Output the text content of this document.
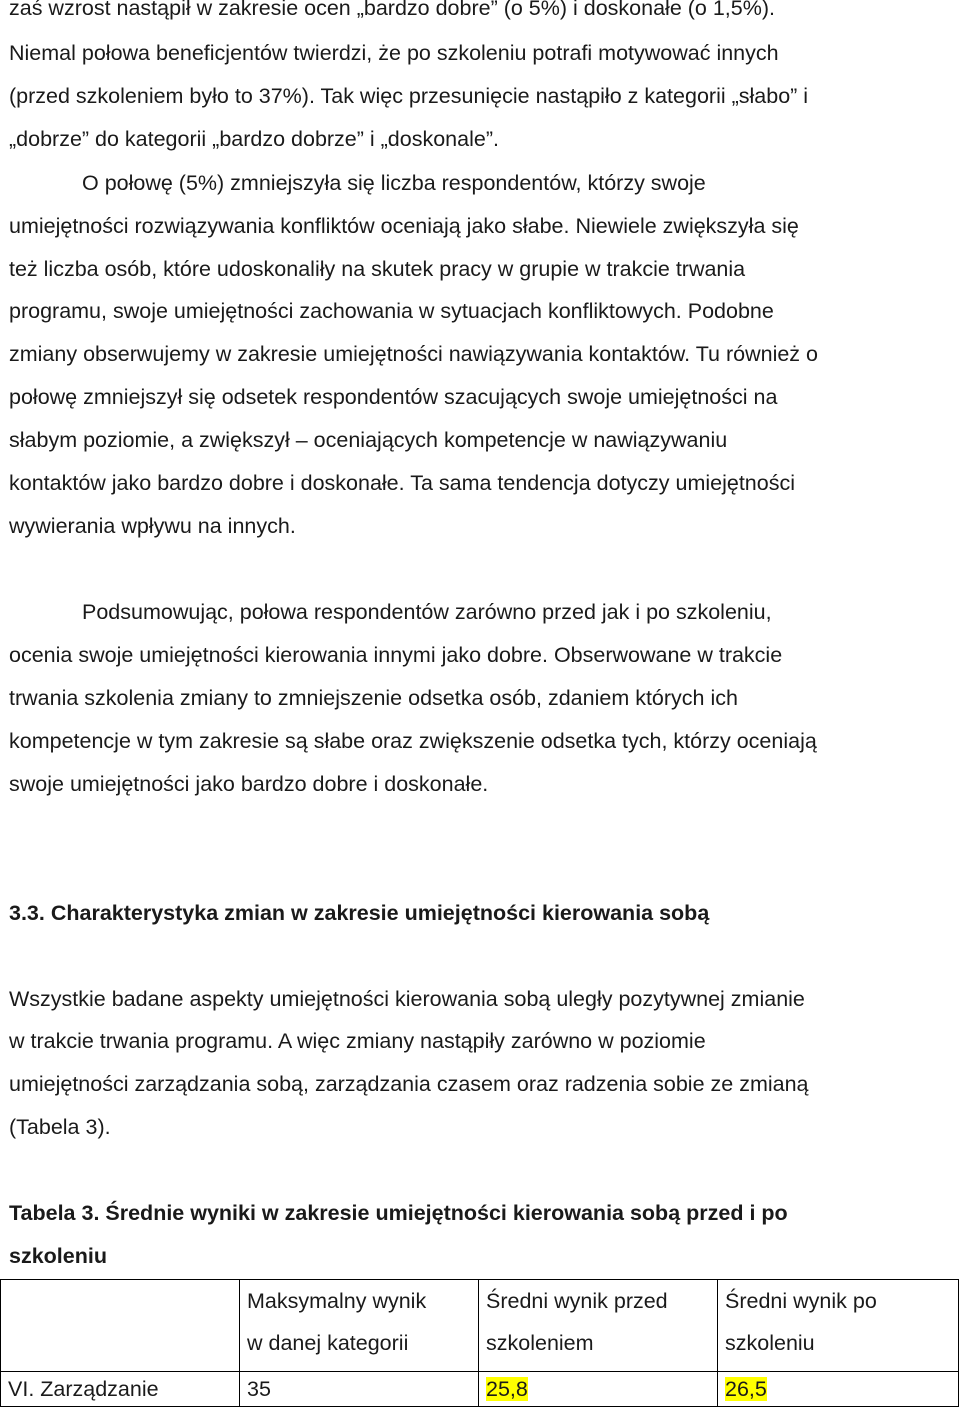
zaś wzrost nastąpił w zakresie ocen „bardzo dobre” (o 5%) i doskonałe (o 1,5%).
Niemal połowa beneficjentów twierdzi, że po szkoleniu potrafi motywować innych
(przed szkoleniem było to 37%). Tak więc przesunięcie nastąpiło z kategorii „słabo” i
„dobrze” do kategorii „bardzo dobrze” i „doskonale”.
O połowę (5%) zmniejszyła się liczba respondentów, którzy swoje
umiejętności rozwiązywania konfliktów oceniają jako słabe. Niewiele zwiększyła się
też liczba osób, które udoskonaliły na skutek pracy w grupie w trakcie trwania
programu, swoje umiejętności zachowania w sytuacjach konfliktowych. Podobne
zmiany obserwujemy w zakresie umiejętności nawiązywania kontaktów. Tu również o
połowę zmniejszył się odsetek respondentów szacujących swoje umiejętności na
słabym poziomie, a zwiększył – oceniających kompetencje w nawiązywaniu
kontaktów jako bardzo dobre i doskonałe. Ta sama tendencja dotyczy umiejętności
wywierania wpływu na innych.
Podsumowując, połowa respondentów zarówno przed jak i po szkoleniu,
ocenia swoje umiejętności kierowania innymi jako dobre. Obserwowane w trakcie
trwania szkolenia zmiany to zmniejszenie odsetka osób, zdaniem których ich
kompetencje w tym zakresie są słabe oraz zwiększenie odsetka tych, którzy oceniają
swoje umiejętności jako bardzo dobre i doskonałe.
3.3. Charakterystyka zmian w zakresie umiejętności kierowania sobą
Wszystkie badane aspekty umiejętności kierowania sobą uległy pozytywnej zmianie
w trakcie trwania programu. A więc zmiany nastąpiły zarówno w poziomie
umiejętności zarządzania sobą, zarządzania czasem oraz radzenia sobie ze zmianą
(Tabela 3).
Tabela 3. Średnie wyniki w zakresie umiejętności kierowania sobą przed i po
szkoleniu

	Maksymalny wynik
w danej kategorii	Średni wynik przed
szkoleniem	Średni wynik po
szkoleniu

VI. Zarządzanie	35	25,8	26,5
